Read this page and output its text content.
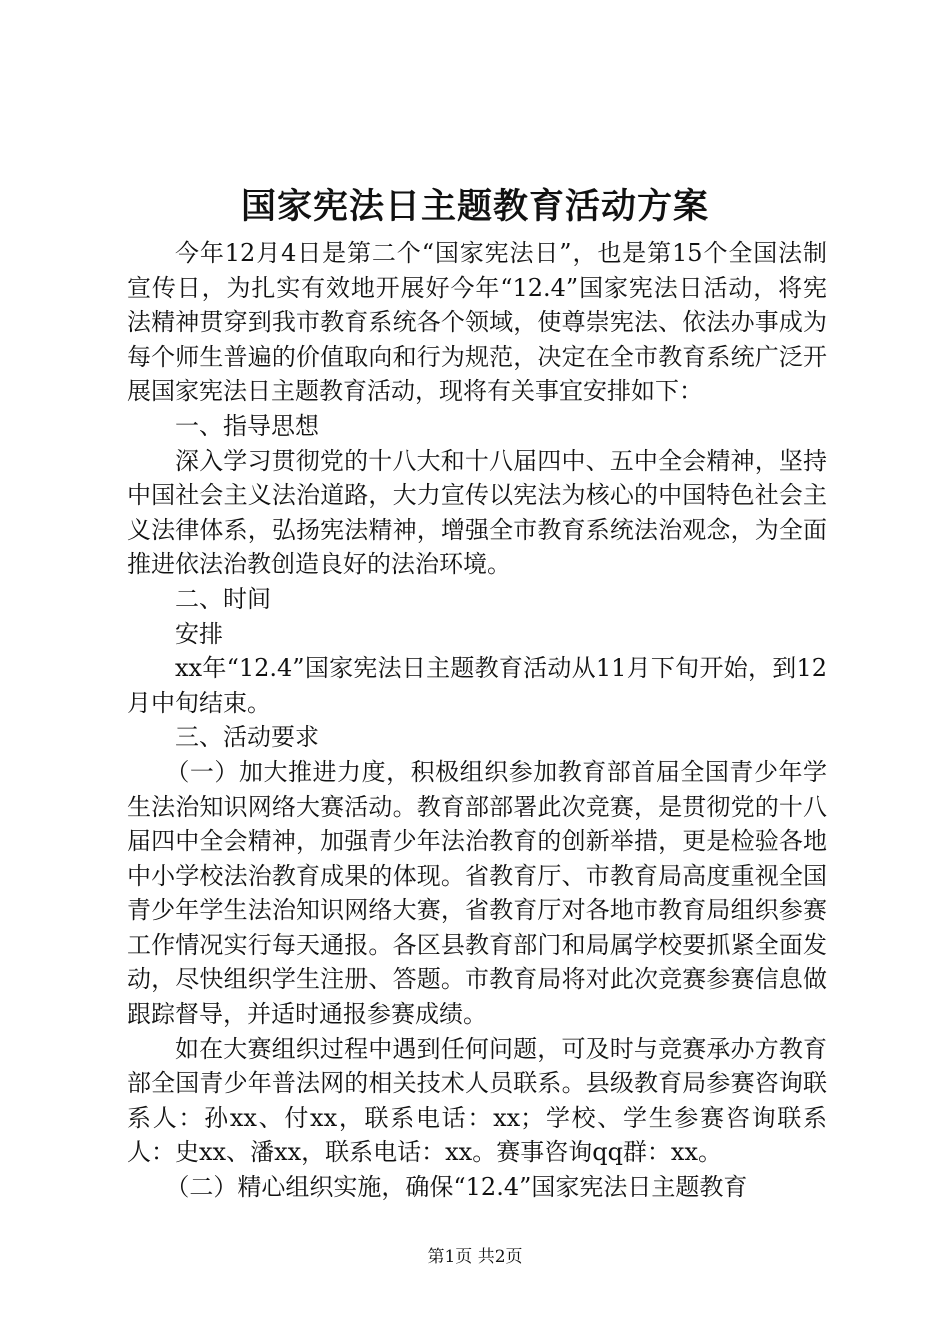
国家宪法日主题教育活动方案

今年12月4日是第二个“国家宪法日”，也是第15个全国法制宣传日，为扎实有效地开展好今年“12.4”国家宪法日活动，将宪法精神贯穿到我市教育系统各个领域，使尊崇宪法、依法办事成为每个师生普遍的价值取向和行为规范，决定在全市教育系统广泛开展国家宪法日主题教育活动，现将有关事宜安排如下：

一、指导思想

深入学习贯彻党的十八大和十八届四中、五中全会精神，坚持中国社会主义法治道路，大力宣传以宪法为核心的中国特色社会主义法律体系，弘扬宪法精神，增强全市教育系统法治观念，为全面推进依法治教创造良好的法治环境。

二、时间

安排

xx年“12.4”国家宪法日主题教育活动从11月下旬开始，到12月中旬结束。

三、活动要求

（一）加大推进力度，积极组织参加教育部首届全国青少年学生法治知识网络大赛活动。教育部部署此次竞赛，是贯彻党的十八届四中全会精神，加强青少年法治教育的创新举措，更是检验各地中小学校法治教育成果的体现。省教育厅、市教育局高度重视全国青少年学生法治知识网络大赛，省教育厅对各地市教育局组织参赛工作情况实行每天通报。各区县教育部门和局属学校要抓紧全面发动，尽快组织学生注册、答题。市教育局将对此次竞赛参赛信息做跟踪督导，并适时通报参赛成绩。

如在大赛组织过程中遇到任何问题，可及时与竞赛承办方教育部全国青少年普法网的相关技术人员联系。县级教育局参赛咨询联系人：孙xx、付xx，联系电话：xx；学校、学生参赛咨询联系人：史xx、潘xx，联系电话：xx。赛事咨询qq群：xx。

（二）精心组织实施，确保“12.4”国家宪法日主题教育

第1页 共2页
